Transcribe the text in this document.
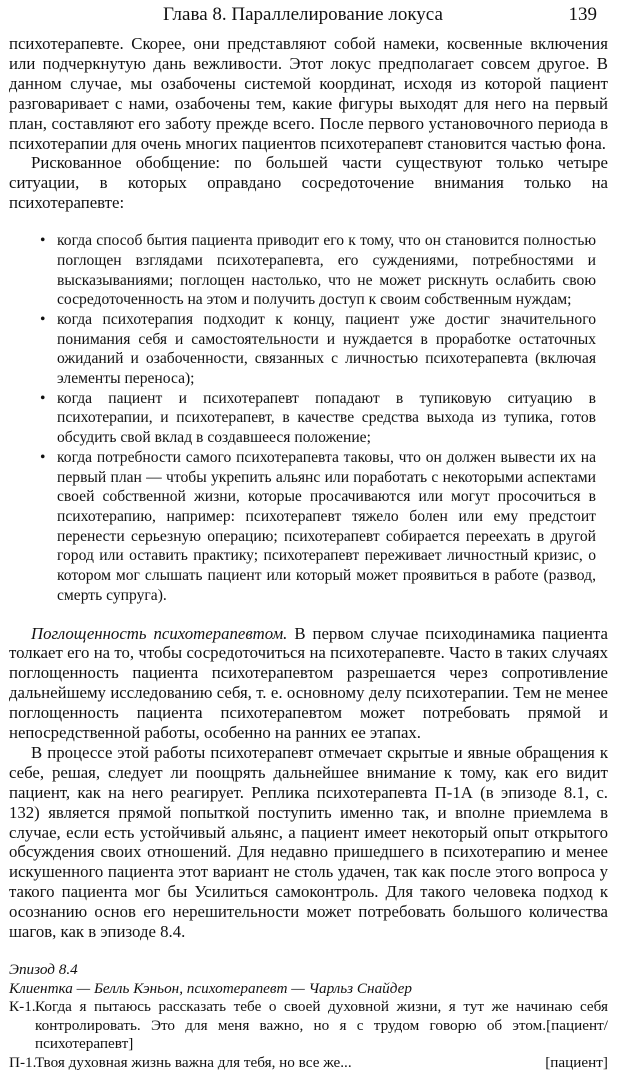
Глава 8. Параллелирование локуса	139

психотерапевте. Скорее, они представляют собой намеки, косвенные включения или подчеркнутую дань вежливости. Этот локус предполагает совсем другое. В данном случае, мы озабочены системой координат, исходя из которой пациент разговаривает с нами, озабочены тем, какие фигуры выходят для него на первый план, составляют его заботу прежде всего. После первого установочного периода в психотерапии для очень многих пациентов психотерапевт становится частью фона.

Рискованное обобщение: по большей части существуют только четыре ситуации, в которых оправдано сосредоточение внимания только на психотерапевте:

• когда способ бытия пациента приводит его к тому, что он становится полностью поглощен взглядами психотерапевта, его суждениями, потребностями и высказываниями; поглощен настолько, что не может рискнуть ослабить свою сосредоточенность на этом и получить доступ к своим собственным нуждам;
• когда психотерапия подходит к концу, пациент уже достиг значительного понимания себя и самостоятельности и нуждается в проработке остаточных ожиданий и озабоченности, связанных с личностью психотерапевта (включая элементы переноса);
• когда пациент и психотерапевт попадают в тупиковую ситуацию в психотерапии, и психотерапевт, в качестве средства выхода из тупика, готов обсудить свой вклад в создавшееся положение;
• когда потребности самого психотерапевта таковы, что он должен вывести их на первый план — чтобы укрепить альянс или поработать с некоторыми аспектами своей собственной жизни, которые просачиваются или могут просочиться в психотерапию, например: психотерапевт тяжело болен или ему предстоит перенести серьезную операцию; психотерапевт собирается переехать в другой город или оставить практику; психотерапевт переживает личностный кризис, о котором мог слышать пациент или который может проявиться в работе (развод, смерть супруга).

Поглощенность психотерапевтом. В первом случае психодинамика пациента толкает его на то, чтобы сосредоточиться на психотерапевте. Часто в таких случаях поглощенность пациента психотерапевтом разрешается через сопротивление дальнейшему исследованию себя, т. е. основному делу психотерапии. Тем не менее поглощенность пациента психотерапевтом может потребовать прямой и непосредственной работы, особенно на ранних ее этапах.

В процессе этой работы психотерапевт отмечает скрытые и явные обращения к себе, решая, следует ли поощрять дальнейшее внимание к тому, как его видит пациент, как на него реагирует. Реплика психотерапевта П-1А (в эпизоде 8.1, с. 132) является прямой попыткой поступить именно так, и вполне приемлема в случае, если есть устойчивый альянс, а пациент имеет некоторый опыт открытого обсуждения своих отношений. Для недавно пришедшего в психотерапию и менее искушенного пациента этот вариант не столь удачен, так как после этого вопроса у такого пациента мог бы Усилиться самоконтроль. Для такого человека подход к осознанию основ его нерешительности может потребовать большого количества шагов, как в эпизоде 8.4.

Эпизод 8.4

Клиентка — Белль Кэньон, психотерапевт — Чарльз Снайдер

К-1. Когда я пытаюсь рассказать тебе о своей духовной жизни, я тут же начинаю себя контролировать. Это для меня важно, но я с трудом говорю об этом.[пациент/психотерапевт]

П-1.	[пациент]
Твоя духовная жизнь важна для тебя, но все же...
